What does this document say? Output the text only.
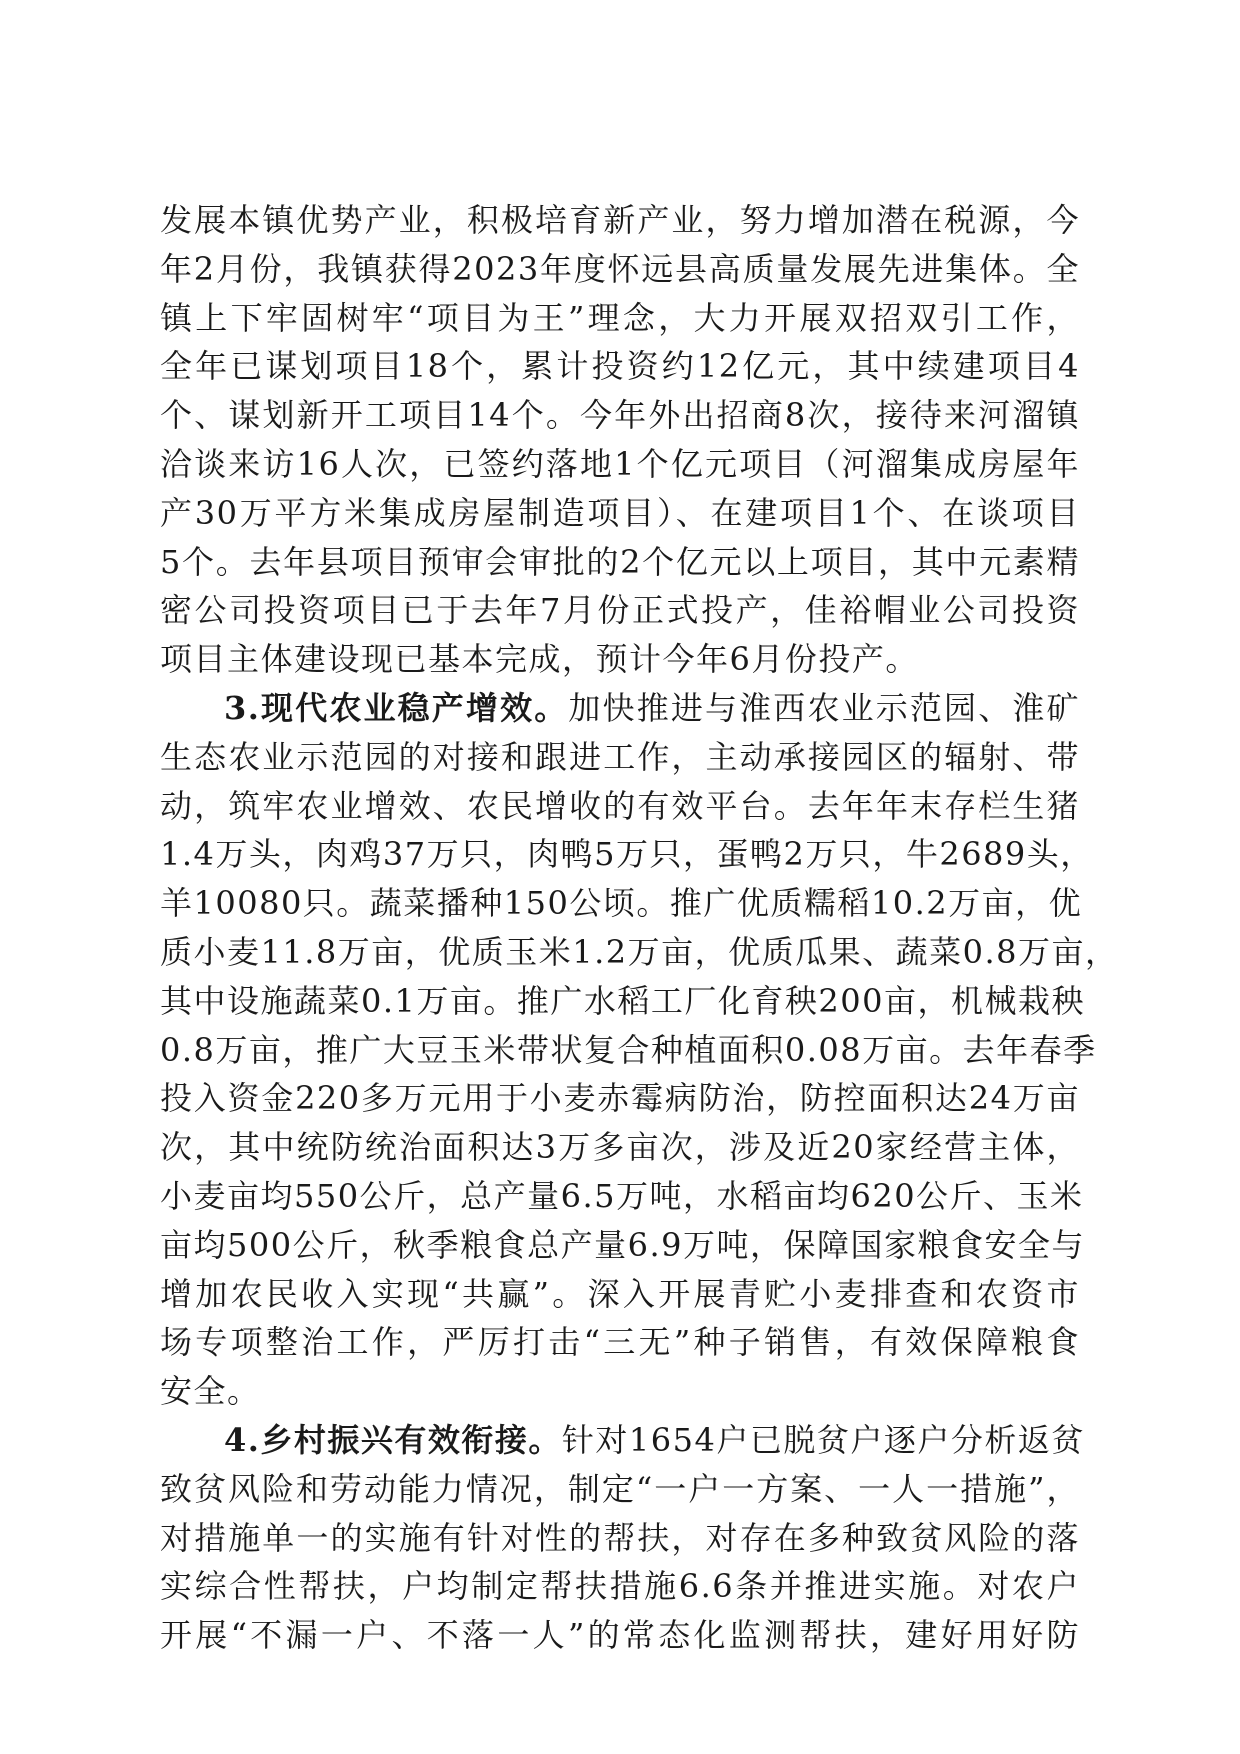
发展本镇优势产业，积极培育新产业，努力增加潜在税源，今
年2月份，我镇获得2023年度怀远县高质量发展先进集体。全
镇上下牢固树牢“项目为王”理念，大力开展双招双引工作，
全年已谋划项目18个，累计投资约12亿元，其中续建项目4
个、谋划新开工项目14个。今年外出招商8次，接待来河溜镇
洽谈来访16人次，已签约落地1个亿元项目（河溜集成房屋年
产30万平方米集成房屋制造项目）、在建项目1个、在谈项目
5个。去年县项目预审会审批的2个亿元以上项目，其中元素精
密公司投资项目已于去年7月份正式投产，佳裕帽业公司投资
项目主体建设现已基本完成，预计今年6月份投产。
3.现代农业稳产增效。加快推进与淮西农业示范园、淮矿
生态农业示范园的对接和跟进工作，主动承接园区的辐射、带
动，筑牢农业增效、农民增收的有效平台。去年年末存栏生猪
1.4万头，肉鸡37万只，肉鸭5万只，蛋鸭2万只，牛2689头，
羊10080只。蔬菜播种150公顷。推广优质糯稻10.2万亩，优
质小麦11.8万亩，优质玉米1.2万亩，优质瓜果、蔬菜0.8万亩，
其中设施蔬菜0.1万亩。推广水稻工厂化育秧200亩，机械栽秧
0.8万亩，推广大豆玉米带状复合种植面积0.08万亩。去年春季
投入资金220多万元用于小麦赤霉病防治，防控面积达24万亩
次，其中统防统治面积达3万多亩次，涉及近20家经营主体，
小麦亩均550公斤，总产量6.5万吨，水稻亩均620公斤、玉米
亩均500公斤，秋季粮食总产量6.9万吨，保障国家粮食安全与
增加农民收入实现“共赢”。深入开展青贮小麦排查和农资市
场专项整治工作，严厉打击“三无”种子销售，有效保障粮食
安全。
4.乡村振兴有效衔接。针对1654户已脱贫户逐户分析返贫
致贫风险和劳动能力情况，制定“一户一方案、一人一措施”，
对措施单一的实施有针对性的帮扶，对存在多种致贫风险的落
实综合性帮扶，户均制定帮扶措施6.6条并推进实施。对农户
开展“不漏一户、不落一人”的常态化监测帮扶，建好用好防
